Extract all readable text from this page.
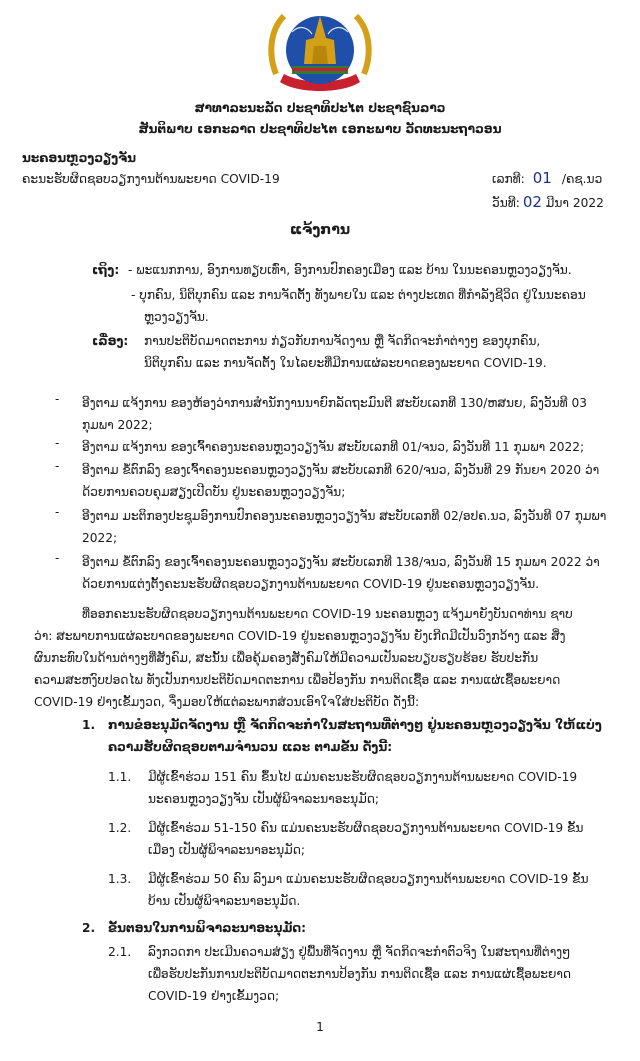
ສາທາລະນະລັດ ປະຊາທິປະໄຕ ປະຊາຊົນລາວ
ສັນຕິພາບ ເອກະລາດ ປະຊາທິປະໄຕ ເອກະພາບ ວັດທະນະຖາວອນ
ນະຄອນຫຼວງວຽງຈັນ
ຄະນະຮັບຜິດຊອບວຽກງານຕ້ານພະຍາດ COVID-19	ເລກທີ: 01 /ຄຊ.ນວ
ວັນທີ: 02 ມີນາ 2022
ແຈ້ງການ
ເຖິງ: - ພະແນກການ, ອົງການທຽບເທົ່າ, ອົງການປົກຄອງເມືອງ ແລະ ບ້ານ ໃນນະຄອນຫຼວງວຽງຈັນ.
- ບຸກຄົນ, ນິຕິບຸກຄົນ ແລະ ການຈັດຕັ້ງ ທັງພາຍໃນ ແລະ ຕ່າງປະເທດ ທີ່ກຳລັງຊີວິດ ຢູ່ໃນນະຄອນ
ຫຼວງວຽງຈັນ.
ເລື່ອງ: ການປະຕິບັດມາດຕະການ ກ່ຽວກັບການຈັດງານ ຫຼື ຈັດກິດຈະກຳຕ່າງໆ ຂອງບຸກຄົນ,
ນິຕິບຸກຄົນ ແລະ ການຈັດຕັ້ງ ໃນໄລຍະທີ່ມີການແຜ່ລະບາດຂອງພະຍາດ COVID-19.
- ອີງຕາມ ແຈ້ງການ ຂອງຫ້ອງວ່າການສຳນັກງານນາຍົກລັດຖະມົນຕີ ສະບັບເລກທີ 130/ຫສນຍ, ລົງວັນທີ 03 ກຸມພາ 2022;
- ອີງຕາມ ແຈ້ງການ ຂອງເຈົ້າຄອງນະຄອນຫຼວງວຽງຈັນ ສະບັບເລກທີ 01/ຈນວ, ລົງວັນທີ 11 ກຸມພາ 2022;
- ອີງຕາມ ຂໍ້ຕົກລົງ ຂອງເຈົ້າຄອງນະຄອນຫຼວງວຽງຈັນ ສະບັບເລກທີ 620/ຈນວ, ລົງວັນທີ 29 ກັນຍາ 2020 ວ່າດ້ວຍການຄວບຄຸມສຽງເປີດບັນ ຢູ່ນະຄອນຫຼວງວຽງຈັນ;
- ອີງຕາມ ມະຕິກອງປະຊຸມອົງການປົກຄອງນະຄອນຫຼວງວຽງຈັນ ສະບັບເລກທີ 02/ອປຄ.ນວ, ລົງວັນທີ 07 ກຸມພາ 2022;
- ອີງຕາມ ຂໍ້ຕົກລົງ ຂອງເຈົ້າຄອງນະຄອນຫຼວງວຽງຈັນ ສະບັບເລກທີ 138/ຈນວ, ລົງວັນທີ 15 ກຸມພາ 2022 ວ່າດ້ວຍການແຕ່ງຕັ້ງຄະນະຮັບຜິດຊອບວຽກງານຕ້ານພະຍາດ COVID-19 ຢູ່ນະຄອນຫຼວງວຽງຈັນ.
ທີ່ອອກຄະນະຮັບຜິດຊອບວຽກງານຕ້ານພະຍາດ COVID-19 ນະຄອນຫຼວງ ແຈ້ງມາຍັງບັນດາທ່ານ ຊາບ
ວ່າ: ສະພາບການແຜ່ລະບາດຂອງພະຍາດ COVID-19 ຢູ່ນະຄອນຫຼວງວຽງຈັນ ຍັງເກີດມີເປັນວົງກວ້າງ ແລະ ສິ່ງ
ຜົນກະທົບໃນດ້ານຕ່າງໆທີ່ສັງຄົມ, ສະນັ້ນ ເພື່ອຄຸ້ມຄອງສັງຄົມໃຫ້ມີຄວາມເປັນລະບຽບຮຽບຮ້ອຍ ຮັບປະກັນ
ຄວາມສະຫງົບປອດໄພ ທັງເປັນການປະຕິບັດມາດຕະການ ເພື່ອປ້ອງກັນ ການຕິດເຊື້ອ ແລະ ການແຜ່ເຊື້ອພະຍາດ
COVID-19 ຢ່າງເຂັ້ມງວດ, ຈຶ່ງມອບໃຫ້ແຕ່ລະພາກສ່ວນເອົາໃຈໃສ່ປະຕິບັດ ດັ່ງນີ້:
1. ການຂໍອະນຸມັດຈັດງານ ຫຼື ຈັດກິດຈະກຳໃນສະຖານທີ່ຕ່າງໆ ຢູ່ນະຄອນຫຼວງວຽງຈັນ ໃຫ້ແບ່ງ
ຄວາມຮັບຜິດຊອບຕາມຈຳນວນ ແລະ ຕາມຂັ້ນ ດັ່ງນີ້:
1.1. ມີຜູ້ເຂົ້າຮ່ວມ 151 ຄົນ ຂຶ້ນໄປ ແມ່ນຄະນະຮັບຜິດຊອບວຽກງານຕ້ານພະຍາດ COVID-19
ນະຄອນຫຼວງວຽງຈັນ ເປັນຜູ້ພິຈາລະນາອະນຸມັດ;
1.2. ມີຜູ້ເຂົ້າຮ່ວມ 51-150 ຄົນ ແມ່ນຄະນະຮັບຜິດຊອບວຽກງານຕ້ານພະຍາດ COVID-19 ຂັ້ນ
ເມືອງ ເປັນຜູ້ພິຈາລະນາອະນຸມັດ;
1.3. ມີຜູ້ເຂົ້າຮ່ວມ 50 ຄົນ ລົງມາ ແມ່ນຄະນະຮັບຜິດຊອບວຽກງານຕ້ານພະຍາດ COVID-19 ຂັ້ນ
ບ້ານ ເປັນຜູ້ພິຈາລະນາອະນຸມັດ.
2. ຂັ້ນຕອນໃນການພິຈາລະນາອະນຸມັດ:
2.1. ລົງກວດກາ ປະເມີນຄວາມສ່ຽງ ຢູ່ພື້ນທີ່ຈັດງານ ຫຼື ຈັດກິດຈະກຳຕົວຈິງ ໃນສະຖານທີ່ຕ່າງໆ
ເພື່ອຮັບປະກັນການປະຕິບັດມາດຕະການປ້ອງກັນ ການຕິດເຊື້ອ ແລະ ການແຜ່ເຊື້ອພະຍາດ
COVID-19 ຢ່າງເຂັ້ມງວດ;
1
